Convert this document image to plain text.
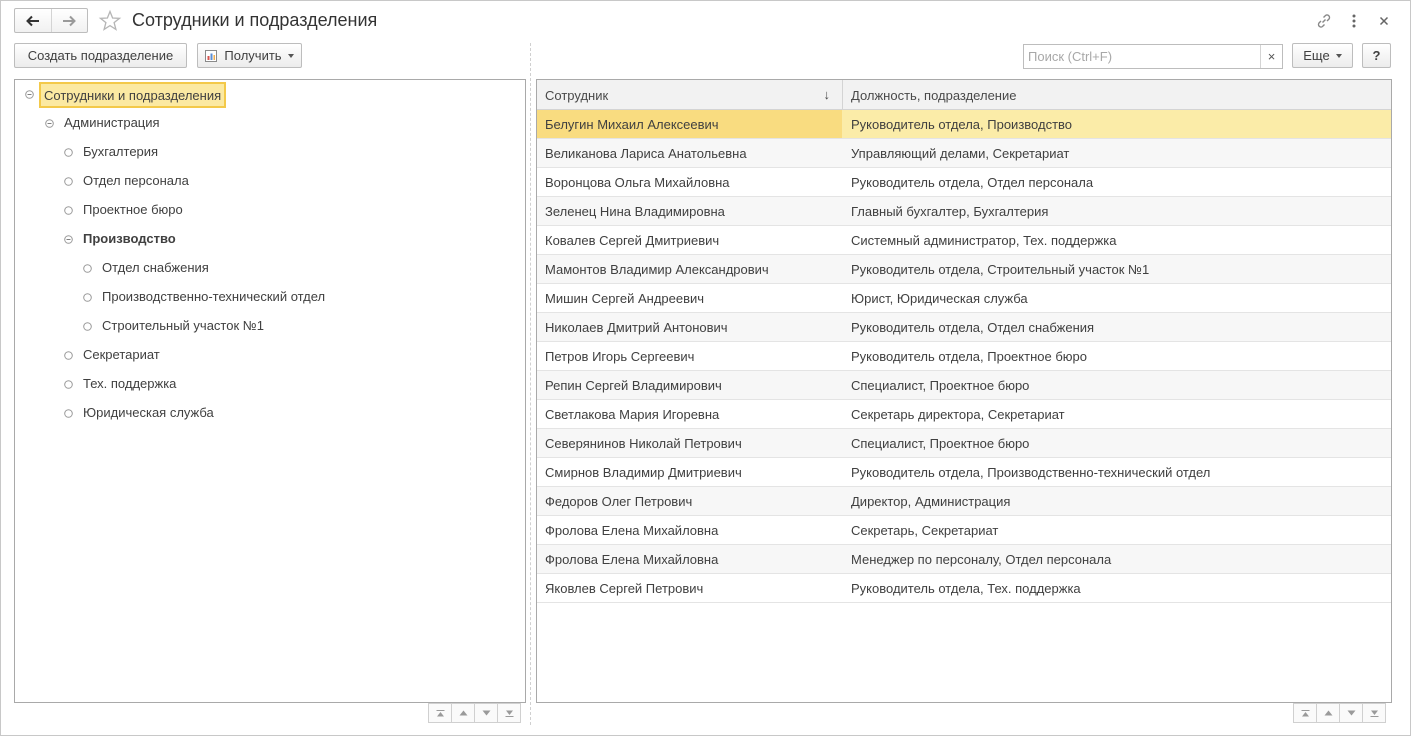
Сотрудники и подразделения
Создать подразделение	Получить
Поиск (Ctrl+F)	×	Еще	?
Сотрудники и подразделения
Администрация
Бухгалтерия
Отдел персонала
Проектное бюро
Производство
Отдел снабжения
Производственно-технический отдел
Строительный участок №1
Секретариат
Тех. поддержка
Юридическая служба
Сотрудник	↓ Должность, подразделение
Белугин Михаил Алексеевич	Руководитель отдела, Производство
Великанова Лариса Анатольевна	Управляющий делами, Секретариат
Воронцова Ольга Михайловна	Руководитель отдела, Отдел персонала
Зеленец Нина Владимировна	Главный бухгалтер, Бухгалтерия
Ковалев Сергей Дмитриевич	Системный администратор, Тех. поддержка
Мамонтов Владимир Александрович	Руководитель отдела, Строительный участок №1
Мишин Сергей Андреевич	Юрист, Юридическая служба
Николаев Дмитрий Антонович	Руководитель отдела, Отдел снабжения
Петров Игорь Сергеевич	Руководитель отдела, Проектное бюро
Репин Сергей Владимирович	Специалист, Проектное бюро
Светлакова Мария Игоревна	Секретарь директора, Секретариат
Северянинов Николай Петрович	Специалист, Проектное бюро
Смирнов Владимир Дмитриевич	Руководитель отдела, Производственно-технический отдел
Федоров Олег Петрович	Директор, Администрация
Фролова Елена Михайловна	Секретарь, Секретариат
Фролова Елена Михайловна	Менеджер по персоналу, Отдел персонала
Яковлев Сергей Петрович	Руководитель отдела, Тех. поддержка
